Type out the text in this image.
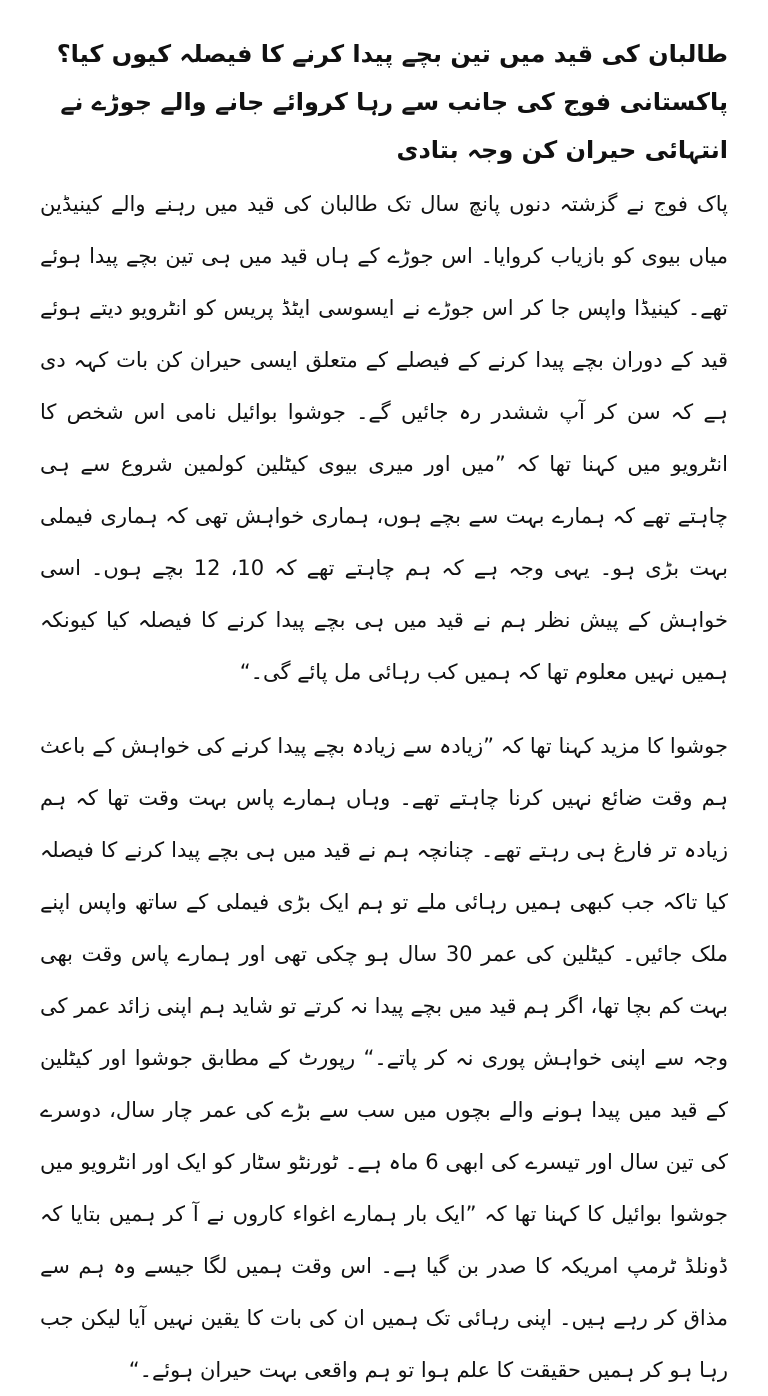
طالبان کی قید میں تین بچے پیدا کرنے کا فیصلہ کیوں کیا؟ پاکستانی فوج کی جانب سے رہا کروائے جانے والے جوڑے نے انتہائی حیران کن وجہ بتادی

پاک فوج نے گزشتہ دنوں پانچ سال تک طالبان کی قید میں رہنے والے کینیڈین میاں بیوی کو بازیاب کروایا۔ اس جوڑے کے ہاں قید میں ہی تین بچے پیدا ہوئے تھے۔ کینیڈا واپس جا کر اس جوڑے نے ایسوسی ایٹڈ پریس کو انٹرویو دیتے ہوئے قید کے دوران بچے پیدا کرنے کے فیصلے کے متعلق ایسی حیران کن بات کہہ دی ہے کہ سن کر آپ ششدر رہ جائیں گے۔ جوشوا بوائیل نامی اس شخص کا انٹرویو میں کہنا تھا کہ ”میں اور میری بیوی کیٹلین کولمین شروع سے ہی چاہتے تھے کہ ہمارے بہت سے بچے ہوں، ہماری خواہش تھی کہ ہماری فیملی بہت بڑی ہو۔ یہی وجہ ہے کہ ہم چاہتے تھے کہ 10، 12 بچے ہوں۔ اسی خواہش کے پیش نظر ہم نے قید میں ہی بچے پیدا کرنے کا فیصلہ کیا کیونکہ ہمیں نہیں معلوم تھا کہ ہمیں کب رہائی مل پائے گی۔“

جوشوا کا مزید کہنا تھا کہ ”زیادہ سے زیادہ بچے پیدا کرنے کی خواہش کے باعث ہم وقت ضائع نہیں کرنا چاہتے تھے۔ وہاں ہمارے پاس بہت وقت تھا کہ ہم زیادہ تر فارغ ہی رہتے تھے۔ چنانچہ ہم نے قید میں ہی بچے پیدا کرنے کا فیصلہ کیا تاکہ جب کبھی ہمیں رہائی ملے تو ہم ایک بڑی فیملی کے ساتھ واپس اپنے ملک جائیں۔ کیٹلین کی عمر 30 سال ہو چکی تھی اور ہمارے پاس وقت بھی بہت کم بچا تھا، اگر ہم قید میں بچے پیدا نہ کرتے تو شاید ہم اپنی زائد عمر کی وجہ سے اپنی خواہش پوری نہ کر پاتے۔“ رپورٹ کے مطابق جوشوا اور کیٹلین کے قید میں پیدا ہونے والے بچوں میں سب سے بڑے کی عمر چار سال، دوسرے کی تین سال اور تیسرے کی ابھی 6 ماہ ہے۔ ٹورنٹو سٹار کو ایک اور انٹرویو میں جوشوا بوائیل کا کہنا تھا کہ ”ایک بار ہمارے اغواء کاروں نے آ کر ہمیں بتایا کہ ڈونلڈ ٹرمپ امریکہ کا صدر بن گیا ہے۔ اس وقت ہمیں لگا جیسے وہ ہم سے مذاق کر رہے ہیں۔ اپنی رہائی تک ہمیں ان کی بات کا یقین نہیں آیا لیکن جب رہا ہو کر ہمیں حقیقت کا علم ہوا تو ہم واقعی بہت حیران ہوئے۔“
